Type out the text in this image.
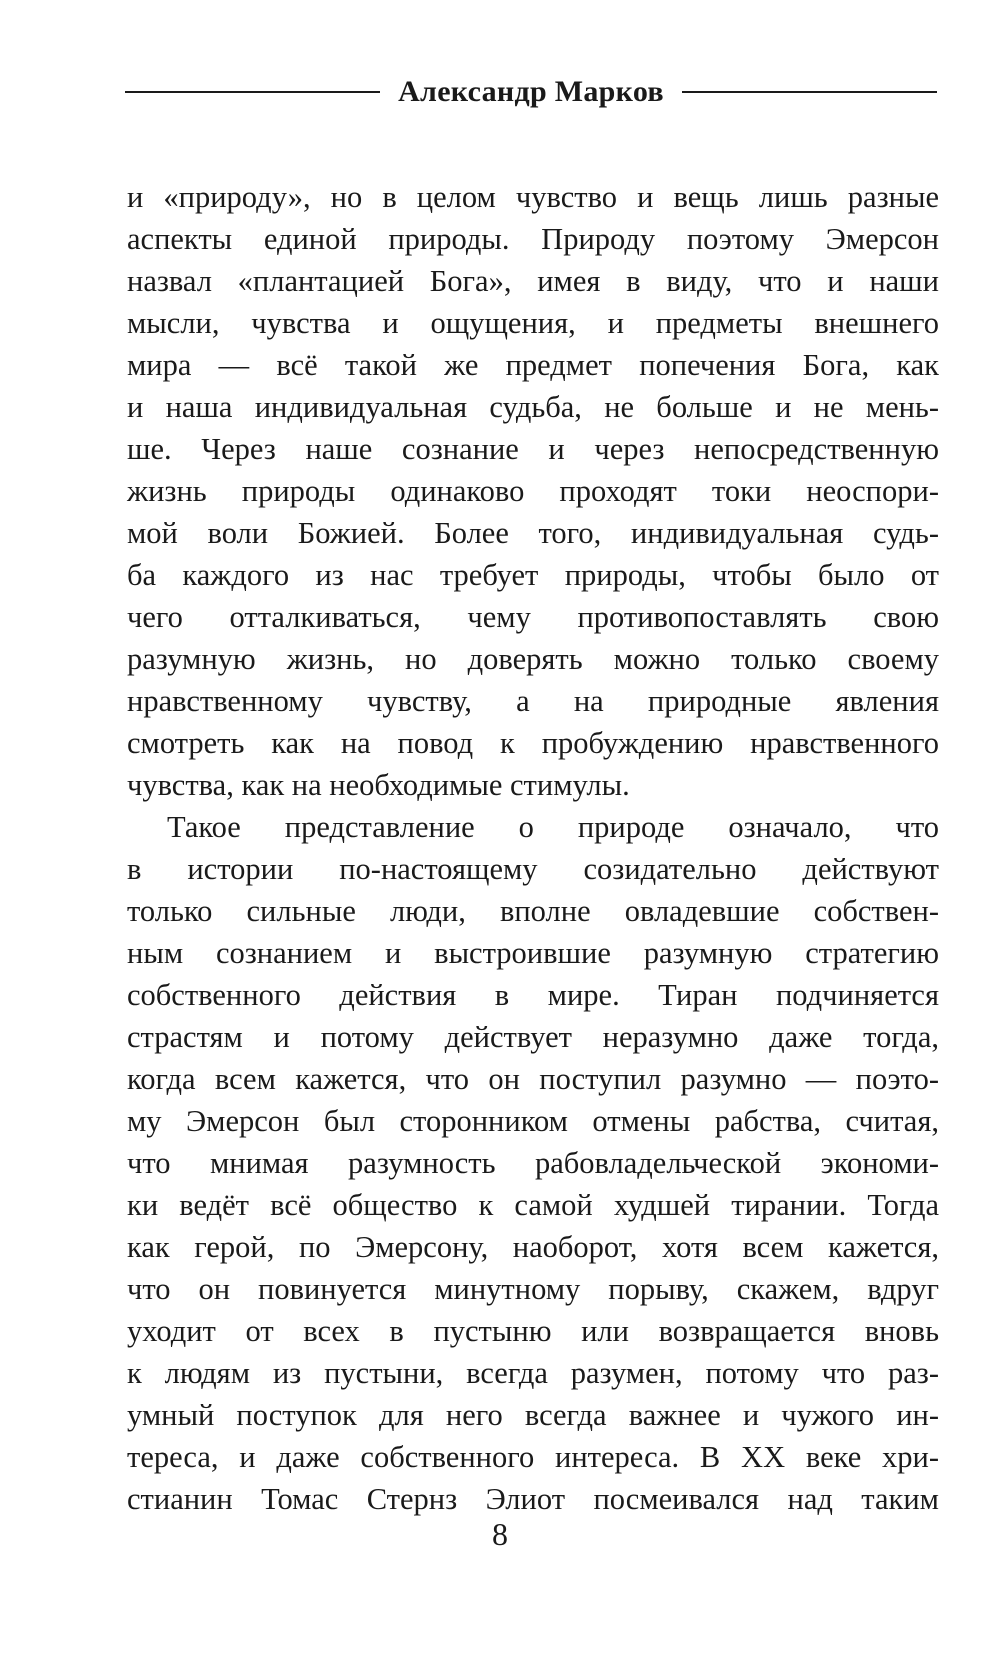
Александр Марков
и «природу», но в целом чувство и вещь лишь разные
аспекты единой природы. Природу поэтому Эмерсон
назвал «плантацией Бога», имея в виду, что и наши
мысли, чувства и ощущения, и предметы внешнего
мира — всё такой же предмет попечения Бога, как
и наша индивидуальная судьба, не больше и не мень-
ше. Через наше сознание и через непосредственную
жизнь природы одинаково проходят токи неоспори-
мой воли Божией. Более того, индивидуальная судь-
ба каждого из нас требует природы, чтобы было от
чего отталкиваться, чему противопоставлять свою
разумную жизнь, но доверять можно только своему
нравственному чувству, а на природные явления
смотреть как на повод к пробуждению нравственного
чувства, как на необходимые стимулы.
Такое представление о природе означало, что
в истории по-настоящему созидательно действуют
только сильные люди, вполне овладевшие собствен-
ным сознанием и выстроившие разумную стратегию
собственного действия в мире. Тиран подчиняется
страстям и потому действует неразумно даже тогда,
когда всем кажется, что он поступил разумно — поэто-
му Эмерсон был сторонником отмены рабства, считая,
что мнимая разумность рабовладельческой экономи-
ки ведёт всё общество к самой худшей тирании. Тогда
как герой, по Эмерсону, наоборот, хотя всем кажется,
что он повинуется минутному порыву, скажем, вдруг
уходит от всех в пустыню или возвращается вновь
к людям из пустыни, всегда разумен, потому что раз-
умный поступок для него всегда важнее и чужого ин-
тереса, и даже собственного интереса. В XX веке хри-
стианин Томас Стернз Элиот посмеивался над таким
8
